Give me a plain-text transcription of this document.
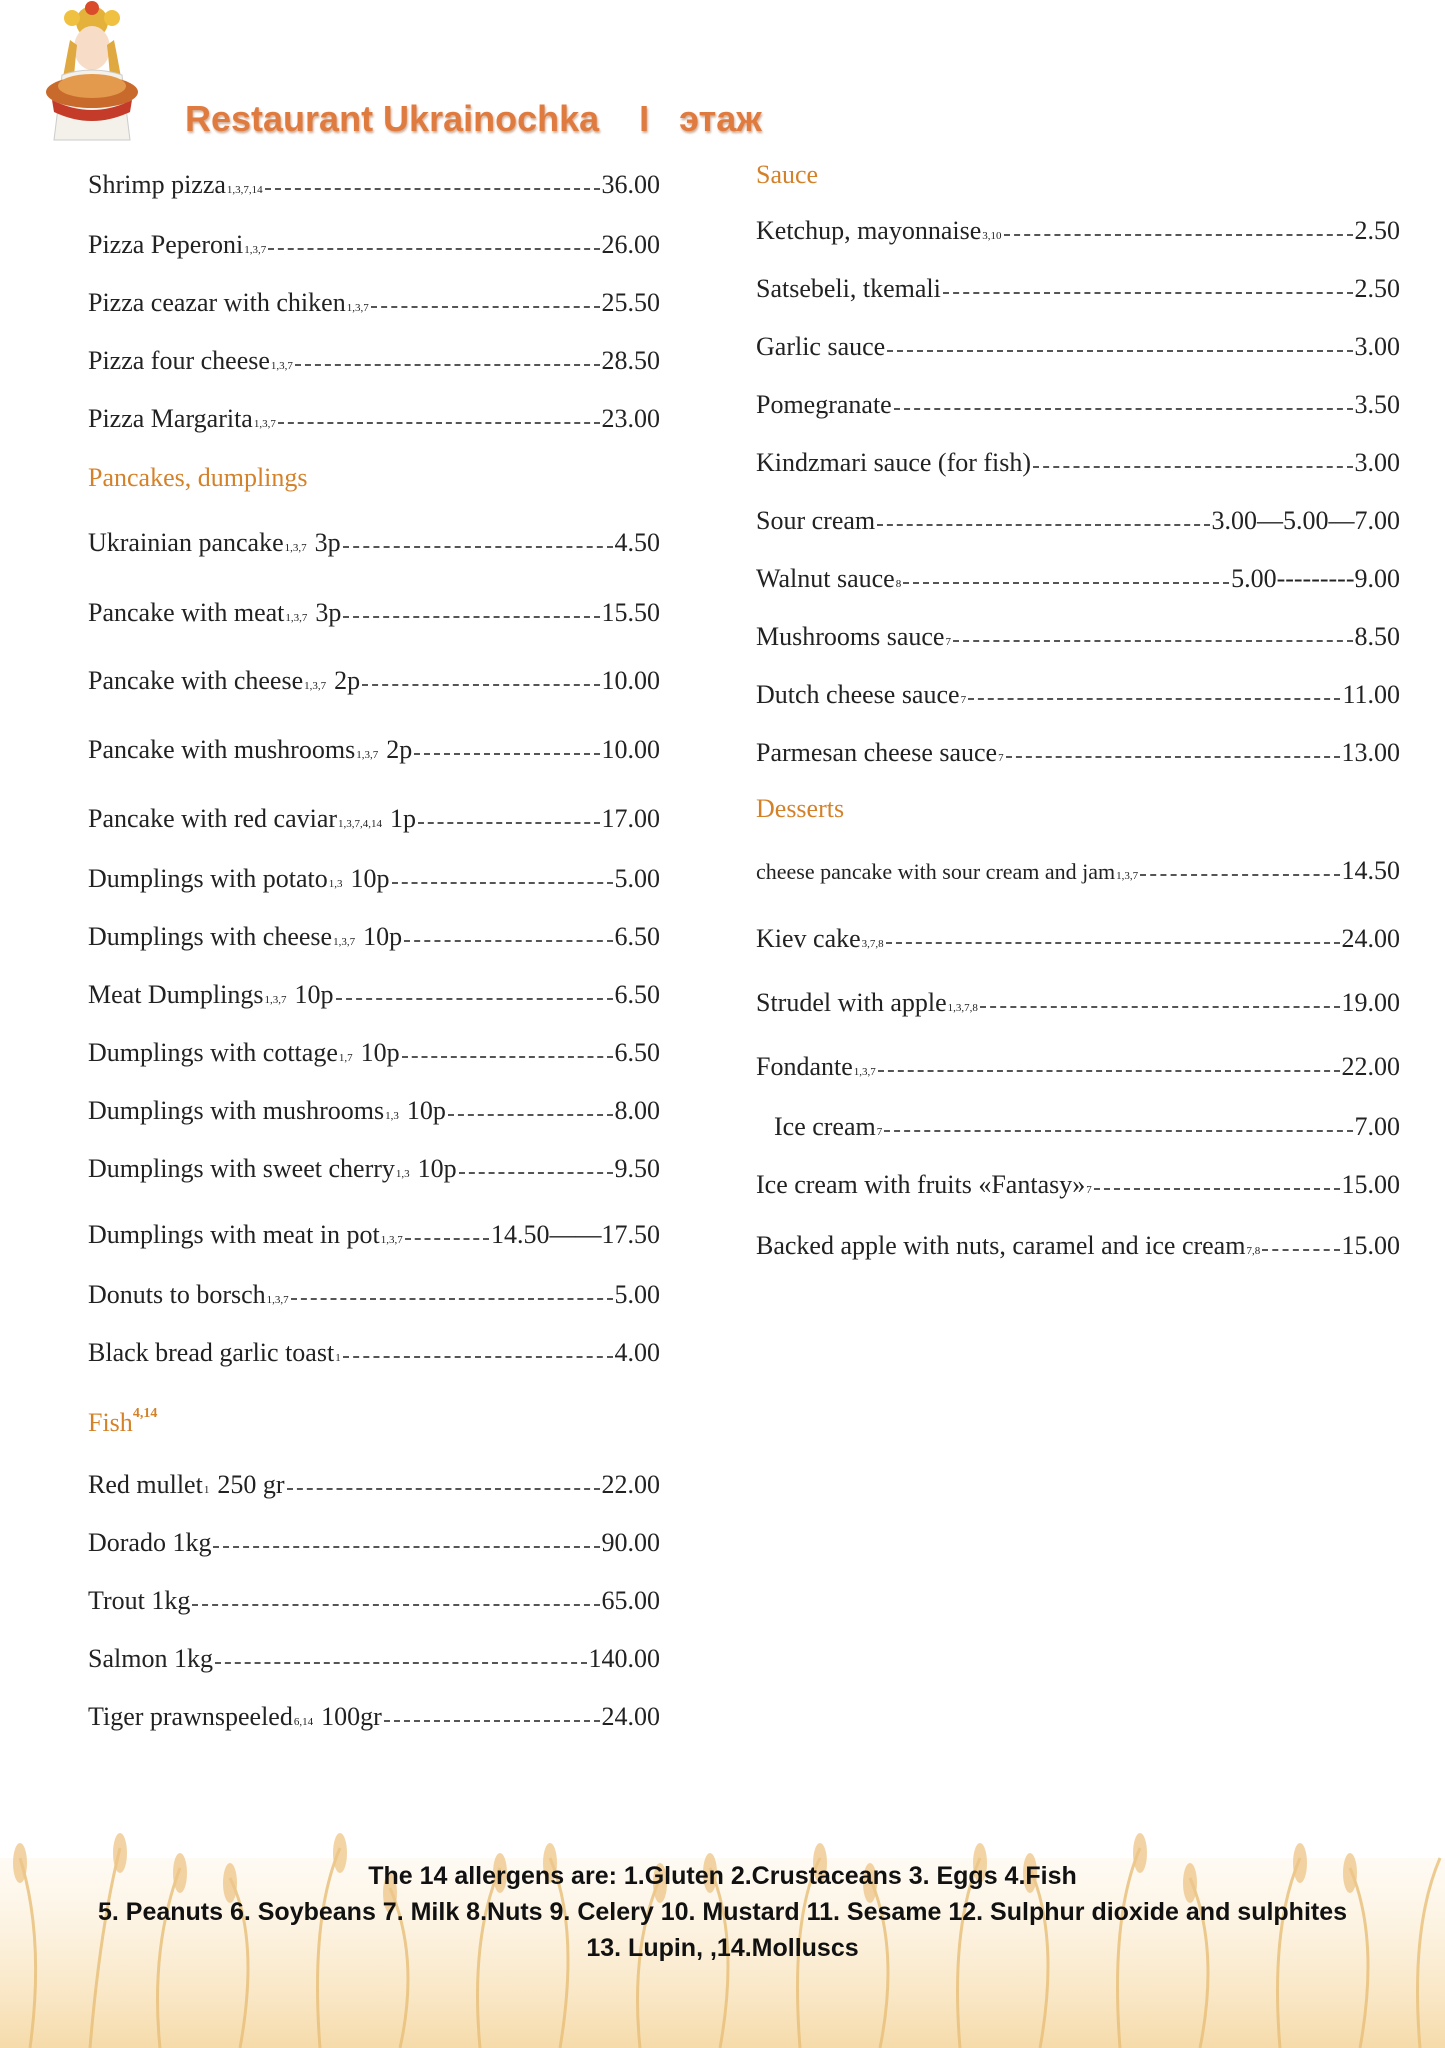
Restaurant Ukrainochka    I   этаж
Shrimp pizza 1,3,7,14	36.00
Pizza Peperoni 1,3,7	26.00
Pizza ceazar with chiken 1,3,7	25.50
Pizza four cheese 1,3,7	28.50
Pizza Margarita 1,3,7	23.00
Pancakes, dumplings
Ukrainian pancake 1,3,7 3p	4.50
Pancake with meat 1,3,7 3p	15.50
Pancake with cheese 1,3,7 2p	10.00
Pancake with mushrooms 1,3,7 2p	10.00
Pancake with red caviar 1,3,7,4,14 1p	17.00
Dumplings with potato 1,3 10p	5.00
Dumplings with cheese 1,3,7 10p	6.50
Meat Dumplings 1,3,7 10p	6.50
Dumplings with cottage 1,7 10p	6.50
Dumplings with mushrooms 1,3 10p	8.00
Dumplings with sweet cherry 1,3 10p	9.50
Dumplings with meat in pot 1,3,7	14.50——17.50
Donuts to borsch 1,3,7	5.00
Black bread garlic toast 1	4.00
Fish$^{4,14}$
Red mullet 1 250 gr	22.00
Dorado 1kg	90.00
Trout 1kg	65.00
Salmon 1kg	140.00
Tiger prawnspeeled 6,14 100gr	24.00
Sauce
Ketchup, mayonnaise 3,10	2.50
Satsebeli, tkemali	2.50
Garlic sauce	3.00
Pomegranate	3.50
Kindzmari sauce (for fish)	3.00
Sour cream	3.00—5.00—7.00
Walnut sauce 8	5.00---------9.00
Mushrooms sauce 7	8.50
Dutch cheese sauce 7	11.00
Parmesan cheese sauce 7	13.00
Desserts
cheese pancake with sour cream and jam 1,3,7	14.50
Kiev cake 3,7,8	24.00
Strudel with apple 1,3,7,8	19.00
Fondante 1,3,7	22.00
Ice cream 7	7.00
Ice cream with fruits «Fantasy» 7	15.00
Backed apple with nuts, caramel and ice cream 7,8	15.00
The 14 allergens are: 1.Gluten 2.Crustaceans 3. Eggs 4.Fish
5. Peanuts 6. Soybeans 7. Milk 8.Nuts 9. Celery 10. Mustard 11. Sesame 12. Sulphur dioxide and sulphites
13. Lupin, ,14.Molluscs
